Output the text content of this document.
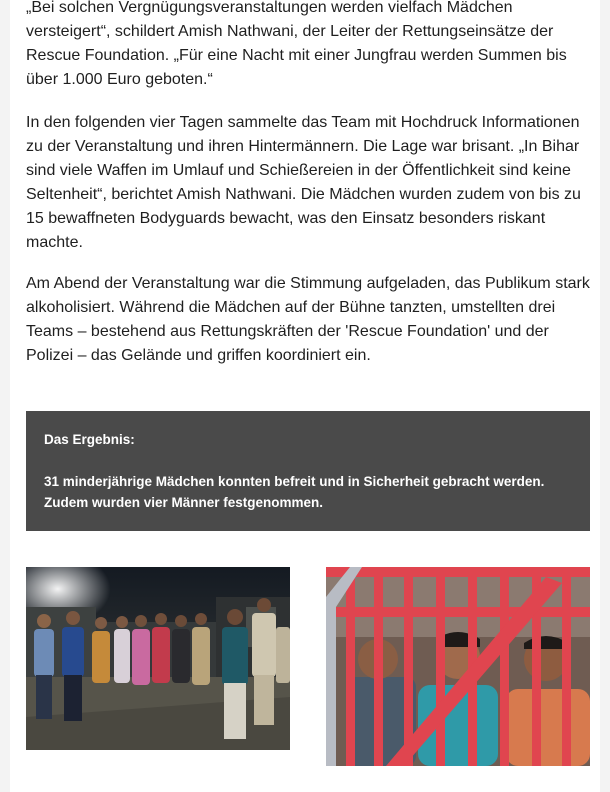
„Bei solchen Vergnügungsveranstaltungen werden vielfach Mädchen versteigert“, schildert Amish Nathwani, der Leiter der Rettungseinsätze der Rescue Foundation. „Für eine Nacht mit einer Jungfrau werden Summen bis über 1.000 Euro geboten.“

In den folgenden vier Tagen sammelte das Team mit Hochdruck Informationen zu der Veranstaltung und ihren Hintermännern. Die Lage war brisant. „In Bihar sind viele Waffen im Umlauf und Schießereien in der Öffentlichkeit sind keine Seltenheit“, berichtet Amish Nathwani. Die Mädchen wurden zudem von bis zu 15 bewaffneten Bodyguards bewacht, was den Einsatz besonders riskant machte.

Am Abend der Veranstaltung war die Stimmung aufgeladen, das Publikum stark alkoholisiert. Während die Mädchen auf der Bühne tanzten, umstellten drei Teams – bestehend aus Rettungskräften der 'Rescue Foundation' und der Polizei – das Gelände und griffen koordiniert ein.

Das Ergebnis:

31 minderjährige Mädchen konnten befreit und in Sicherheit gebracht werden. Zudem wurden vier Männer festgenommen.
